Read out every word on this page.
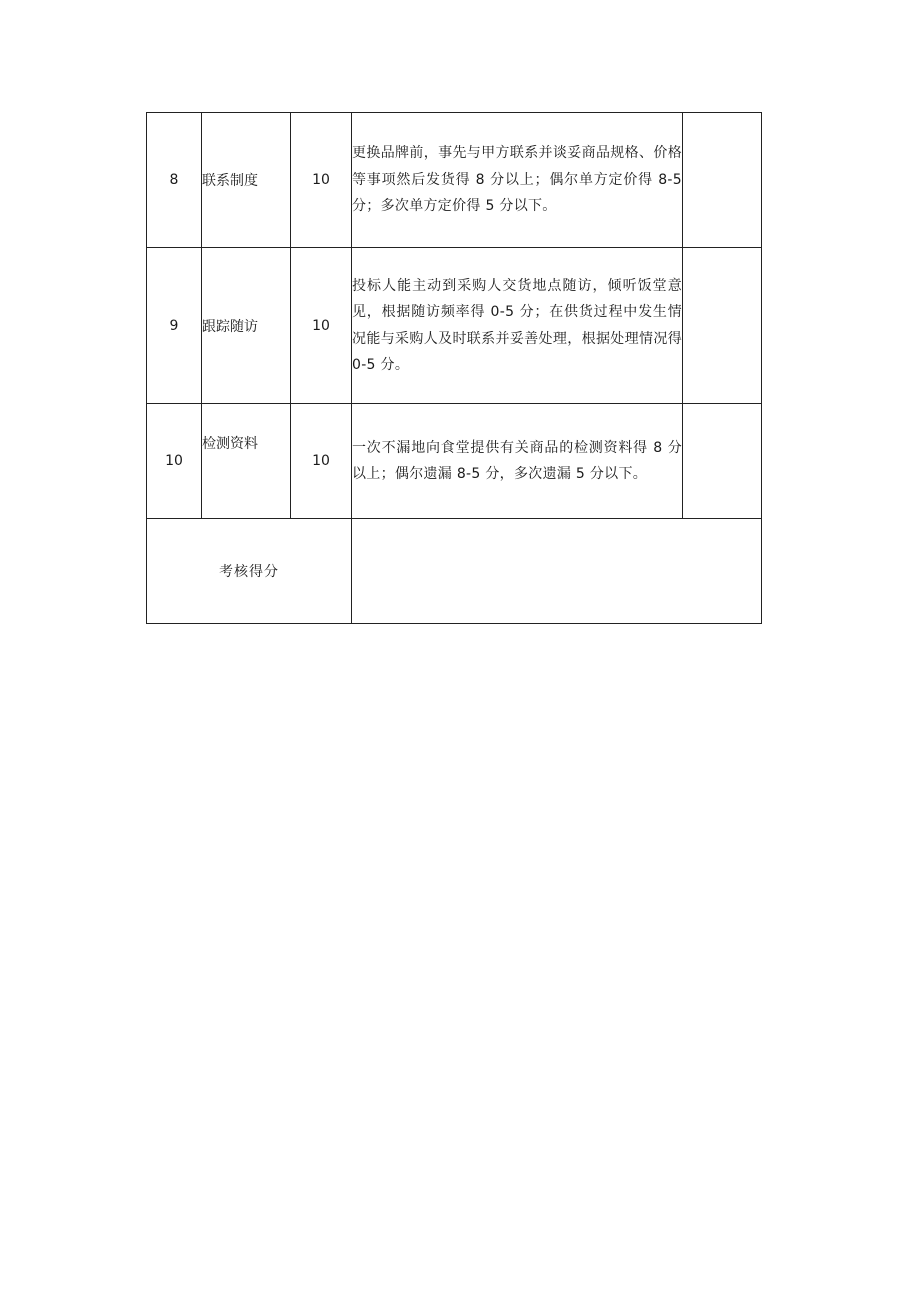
8	联系制度	10	更换品牌前，事先与甲方联系并谈妥商品规格、价格等事项然后发货得 8 分以上；偶尔单方定价得 8-5 分；多次单方定价得 5 分以下。	

9	跟踪随访	10	投标人能主动到采购人交货地点随访，倾听饭堂意见，根据随访频率得 0-5 分；在供货过程中发生情况能与采购人及时联系并妥善处理，根据处理情况得 0-5 分。	

10	检测资料	10	一次不漏地向食堂提供有关商品的检测资料得 8 分以上；偶尔遗漏 8-5 分，多次遗漏 5 分以下。	

考核得分				
